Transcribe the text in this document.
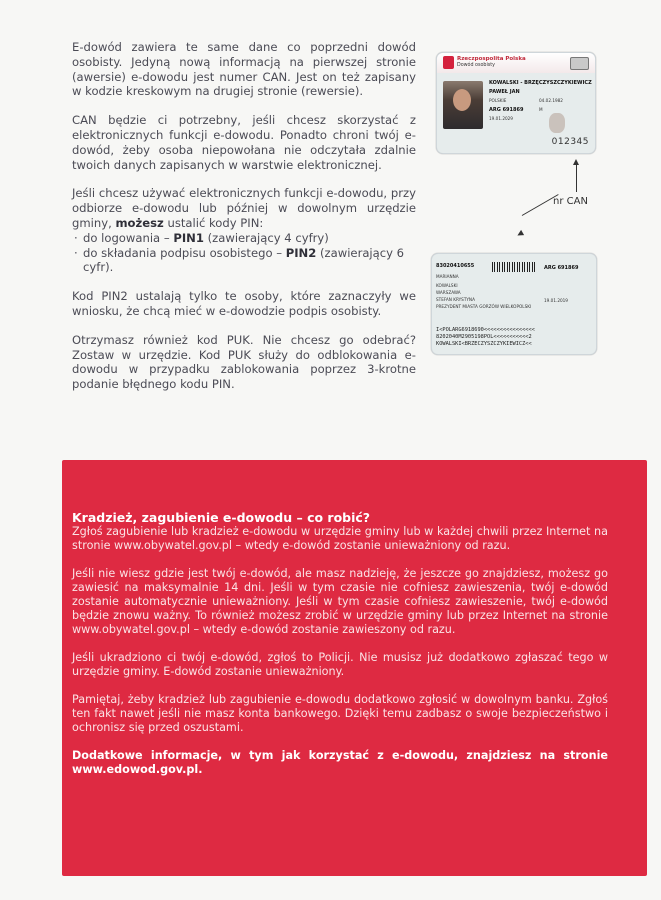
E-dowód zawiera te same dane co poprzedni dowód osobisty. Jedyną nową informacją na pierwszej stronie (awersie) e-dowodu jest numer CAN. Jest on też zapisany w kodzie kreskowym na drugiej stronie (rewersie).

CAN będzie ci potrzebny, jeśli chcesz skorzystać z elektronicznych funkcji e-dowodu. Ponadto chroni twój e-dowód, żeby osoba niepowołana nie odczytała zdalnie twoich danych zapisanych w warstwie elektronicznej.

Jeśli chcesz używać elektronicznych funkcji e-dowodu, przy odbiorze e-dowodu lub później w dowolnym urzędzie gminy, możesz ustalić kody PIN:

· do logowania – PIN1 (zawierający 4 cyfry)
· do składania podpisu osobistego – PIN2 (zawierający 6 cyfr).

Kod PIN2 ustalają tylko te osoby, które zaznaczyły we wniosku, że chcą mieć w e-dowodzie podpis osobisty.

Otrzymasz również kod PUK. Nie chcesz go odebrać? Zostaw w urzędzie. Kod PUK służy do odblokowania e-dowodu w przypadku zablokowania poprzez 3-krotne podanie błędnego kodu PIN.

Rzeczpospolita Polska
Dowód osobisty
KOWALSKI - BRZĘCZYSZCZYKIEWICZ
PAWEŁ JAN
POLSKIE	04.02.1982
ARG 691869	M
19.01.2029
012345
nr CAN
83020410655	ARG 691869
MARIANNA
KOWALSKI
WARSZAWA
STEFAN KRYSTYNA
PREZYDENT MIASTA GORZÓW WIELKOPOLSKI
19.01.2019
I<POLARG6918690<<<<<<<<<<<<<<<<
8202040M2905198POL<<<<<<<<<<<2
KOWALSKI<BRZECZYSZCZYKIEWICZ<<
Kradzież, zagubienie e-dowodu – co robić?

Zgłoś zagubienie lub kradzież e-dowodu w urzędzie gminy lub w każdej chwili przez Internet na stronie www.obywatel.gov.pl – wtedy e-dowód zostanie unieważniony od razu.

Jeśli nie wiesz gdzie jest twój e-dowód, ale masz nadzieję, że jeszcze go znajdziesz, możesz go zawiesić na maksymalnie 14 dni. Jeśli w tym czasie nie cofniesz zawieszenia, twój e-dowód zostanie automatycznie unieważniony. Jeśli w tym czasie cofniesz zawieszenie, twój e-dowód będzie znowu ważny. To również możesz zrobić w urzędzie gminy lub przez Internet na stronie www.obywatel.gov.pl – wtedy e-dowód zostanie zawieszony od razu.

Jeśli ukradziono ci twój e-dowód, zgłoś to Policji. Nie musisz już dodatkowo zgłaszać tego w urzędzie gminy. E-dowód zostanie unieważniony.

Pamiętaj, żeby kradzież lub zagubienie e-dowodu dodatkowo zgłosić w dowolnym banku. Zgłoś ten fakt nawet jeśli nie masz konta bankowego. Dzięki temu zadbasz o swoje bezpieczeństwo i ochronisz się przed oszustami.

Dodatkowe informacje, w tym jak korzystać z e-dowodu, znajdziesz na stronie www.edowod.gov.pl.
